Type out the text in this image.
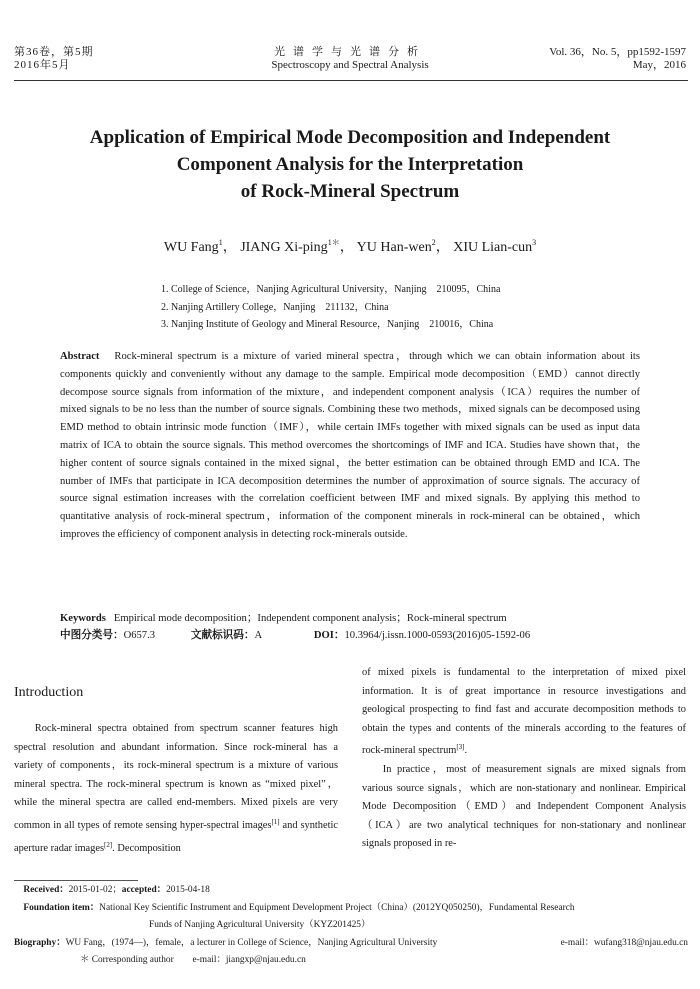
第36卷，第5期
2016年5月
光谱学与光谱分析
Spectroscopy and Spectral Analysis
Vol. 36，No. 5，pp1592-1597
May，2016
Application of Empirical Mode Decomposition and Independent
Component Analysis for the Interpretation
of Rock-Mineral Spectrum
WU Fang$^1$， JIANG Xi-ping$^{1*}$， YU Han-wen$^2$， XIU Lian-cun$^3$
1. College of Science，Nanjing Agricultural University，Nanjing　210095，China
2. Nanjing Artillery College，Nanjing　211132，China
3. Nanjing Institute of Geology and Mineral Resource，Nanjing　210016，China
Abstract Rock-mineral spectrum is a mixture of varied mineral spectra，through which we can obtain information about its components quickly and conveniently without any damage to the sample. Empirical mode decomposition（EMD）cannot directly decompose source signals from information of the mixture，and independent component analysis（ICA）requires the number of mixed signals to be no less than the number of source signals. Combining these two methods，mixed signals can be decomposed using EMD method to obtain intrinsic mode function（IMF），while certain IMFs together with mixed signals can be used as input data matrix of ICA to obtain the source signals. This method overcomes the shortcomings of IMF and ICA. Studies have shown that，the higher content of source signals contained in the mixed signal，the better estimation can be obtained through EMD and ICA. The number of IMFs that participate in ICA decomposition determines the number of approximation of source signals. The accuracy of source signal estimation increases with the correlation coefficient between IMF and mixed signals. By applying this method to quantitative analysis of rock-mineral spectrum，information of the component minerals in rock-mineral can be obtained，which improves the efficiency of component analysis in detecting rock-minerals outside.
Keywords Empirical mode decomposition；Independent component analysis；Rock-mineral spectrum
中图分类号：O657.3	文献标识码：A	DOI：10.3964/j.issn.1000-0593(2016)05-1592-06
Introduction

Rock-mineral spectra obtained from spectrum scanner features high spectral resolution and abundant information. Since rock-mineral has a variety of components，its rock-mineral spectrum is a mixture of various mineral spectra. The rock-mineral spectrum is known as “mixed pixel”，while the mineral spectra are called end-members. Mixed pixels are very common in all types of remote sensing hyper-spectral images[1] and synthetic aperture radar images[2]. Decomposition

of mixed pixels is fundamental to the interpretation of mixed pixel information. It is of great importance in resource investigations and geological prospecting to find fast and accurate decomposition methods to obtain the types and contents of the minerals according to the features of rock-mineral spectrum[3].

In practice，most of measurement signals are mixed signals from various source signals，which are non-stationary and nonlinear. Empirical Mode Decomposition（EMD）and Independent Component Analysis（ICA）are two analytical techniques for non-stationary and nonlinear signals proposed in re-

Received：2015-01-02；accepted：2015-04-18
Foundation item：National Key Scientific Instrument and Equipment Development Project（China）(2012YQ050250)，Fundamental Research
Funds of Nanjing Agricultural University（KYZ201425）
Biography：WU Fang，(1974—)，female，a lecturer in College of Science，Nanjing Agricultural University	e-mail：wufang318@njau.edu.cn
＊ Corresponding author e-mail：jiangxp@njau.edu.cn
